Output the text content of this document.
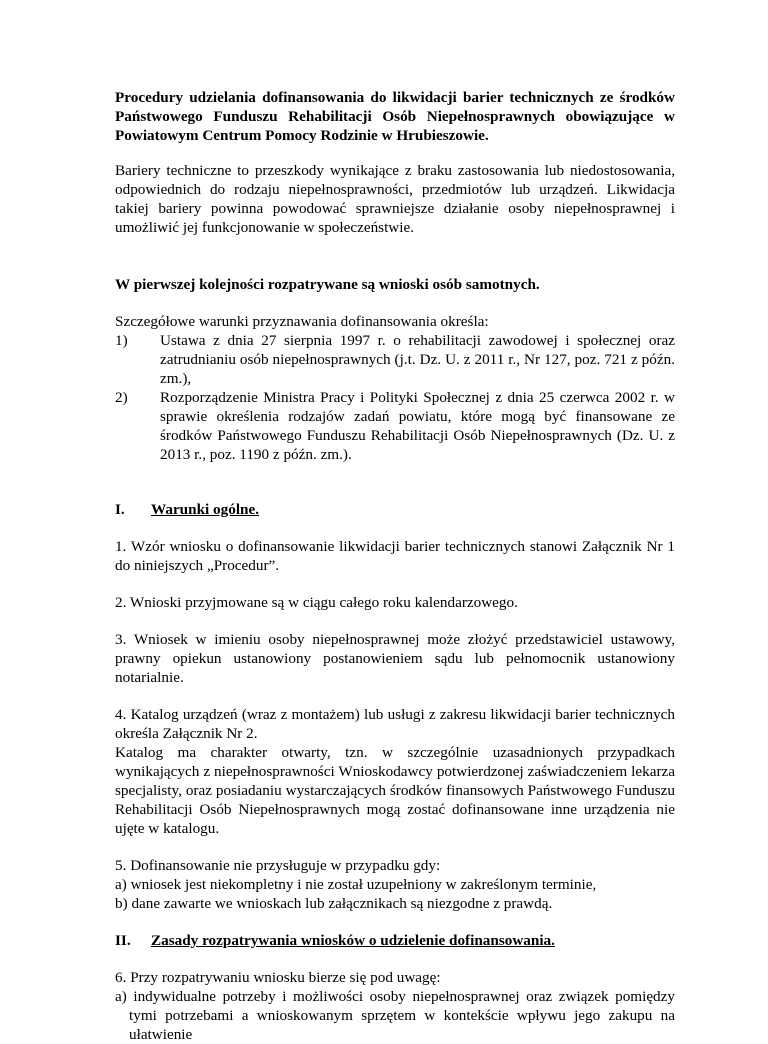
Procedury udzielania dofinansowania do likwidacji barier technicznych ze środków Państwowego Funduszu Rehabilitacji Osób Niepełnosprawnych obowiązujące w Powiatowym Centrum Pomocy Rodzinie w Hrubieszowie.

Bariery techniczne to przeszkody wynikające z braku zastosowania lub niedostosowania, odpowiednich do rodzaju niepełnosprawności, przedmiotów lub urządzeń. Likwidacja takiej bariery powinna powodować sprawniejsze działanie osoby niepełnosprawnej i umożliwić jej funkcjonowanie w społeczeństwie.

W pierwszej kolejności rozpatrywane są wnioski osób samotnych.

Szczegółowe warunki przyznawania dofinansowania określa:

1)	Ustawa z dnia 27 sierpnia 1997 r. o rehabilitacji zawodowej i społecznej oraz zatrudnianiu osób niepełnosprawnych (j.t. Dz. U. z 2011 r., Nr 127, poz. 721 z późn. zm.),
2)	Rozporządzenie Ministra Pracy i Polityki Społecznej z dnia 25 czerwca 2002 r. w sprawie określenia rodzajów zadań powiatu, które mogą być finansowane ze środków Państwowego Funduszu Rehabilitacji Osób Niepełnosprawnych (Dz. U. z 2013 r., poz. 1190 z późn. zm.).
I.	Warunki ogólne.

1. Wzór wniosku o dofinansowanie likwidacji barier technicznych stanowi Załącznik Nr 1 do niniejszych „Procedur”.

2. Wnioski przyjmowane są w ciągu całego roku kalendarzowego.

3. Wniosek w imieniu osoby niepełnosprawnej może złożyć przedstawiciel ustawowy, prawny opiekun ustanowiony postanowieniem sądu lub pełnomocnik ustanowiony notarialnie.

4. Katalog urządzeń (wraz z montażem) lub usługi z zakresu likwidacji barier technicznych określa Załącznik Nr 2.

Katalog ma charakter otwarty, tzn. w szczególnie uzasadnionych przypadkach wynikających z niepełnosprawności Wnioskodawcy potwierdzonej zaświadczeniem lekarza specjalisty, oraz posiadaniu wystarczających środków finansowych Państwowego Funduszu Rehabilitacji Osób Niepełnosprawnych mogą zostać dofinansowane inne urządzenia nie ujęte w katalogu.

5. Dofinansowanie nie przysługuje w przypadku gdy:

a) wniosek jest niekompletny i nie został uzupełniony w zakreślonym terminie,

b) dane zawarte we wnioskach lub załącznikach są niezgodne z prawdą.

II.	Zasady rozpatrywania wniosków o udzielenie dofinansowania.

6. Przy rozpatrywaniu wniosku bierze się pod uwagę:

a) indywidualne potrzeby i możliwości osoby niepełnosprawnej oraz związek pomiędzy tymi potrzebami a wnioskowanym sprzętem w kontekście wpływu jego zakupu na ułatwienie
